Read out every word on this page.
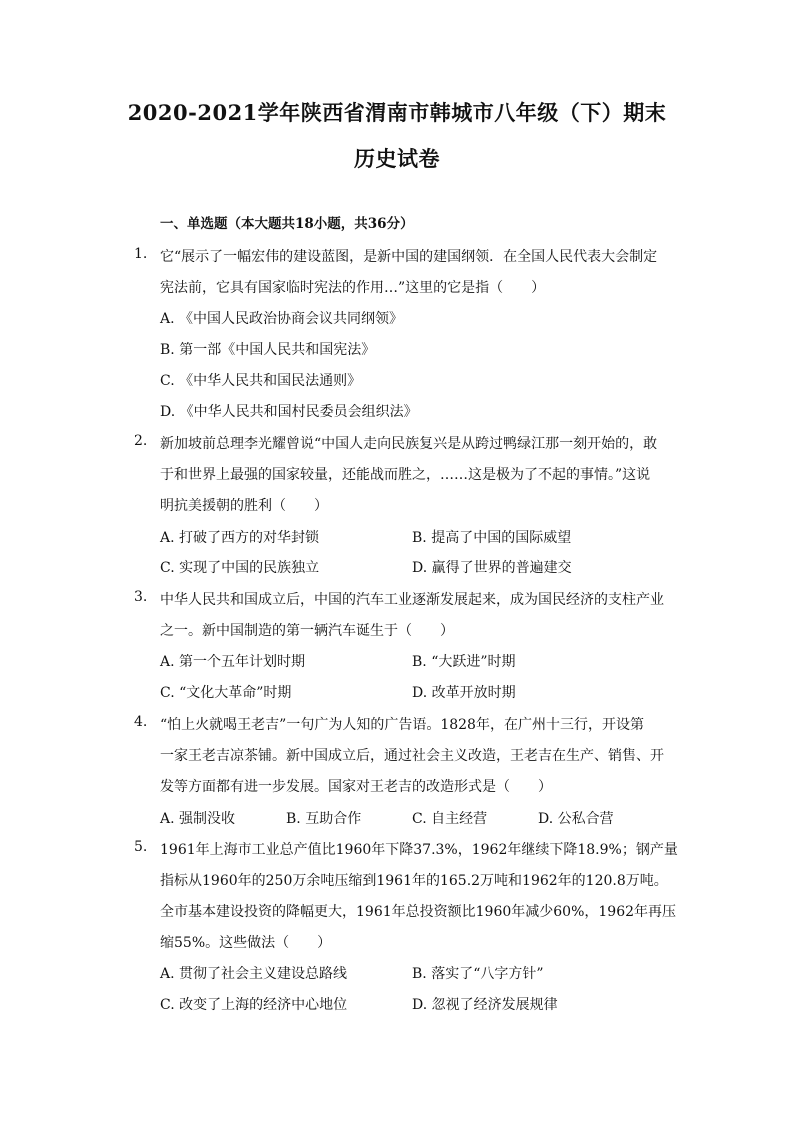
2020-2021学年陕西省渭南市韩城市八年级（下）期末
历史试卷
一、单选题（本大题共18小题，共36分）
1. 它“展示了一幅宏伟的建设蓝图，是新中国的建国纲领．在全国人民代表大会制定
宪法前，它具有国家临时宪法的作用…”这里的它是指（　　）
A. 《中国人民政治协商会议共同纲领》
B. 第一部《中国人民共和国宪法》
C. 《中华人民共和国民法通则》
D. 《中华人民共和国村民委员会组织法》
2. 新加坡前总理李光耀曾说“中国人走向民族复兴是从跨过鸭绿江那一刻开始的，敢
于和世界上最强的国家较量，还能战而胜之，……这是极为了不起的事情。”这说
明抗美援朝的胜利（　　）
A. 打破了西方的对华封锁	B. 提高了中国的国际威望
C. 实现了中国的民族独立	D. 赢得了世界的普遍建交
3. 中华人民共和国成立后，中国的汽车工业逐渐发展起来，成为国民经济的支柱产业
之一。新中国制造的第一辆汽车诞生于（　　）
A. 第一个五年计划时期	B. “大跃进”时期
C. “文化大革命”时期	D. 改革开放时期
4. “怕上火就喝王老吉”一句广为人知的广告语。1828年，在广州十三行，开设第
一家王老吉凉茶铺。新中国成立后，通过社会主义改造，王老吉在生产、销售、开
发等方面都有进一步发展。国家对王老吉的改造形式是（　　）
A. 强制没收	B. 互助合作	C. 自主经营	D. 公私合营
5. 1961年上海市工业总产值比1960年下降37.3%，1962年继续下降18.9%；钢产量
指标从1960年的250万余吨压缩到1961年的165.2万吨和1962年的120.8万吨。
全市基本建设投资的降幅更大，1961年总投资额比1960年减少60%，1962年再压
缩55%。这些做法（　　）
A. 贯彻了社会主义建设总路线	B. 落实了“八字方针”
C. 改变了上海的经济中心地位	D. 忽视了经济发展规律
